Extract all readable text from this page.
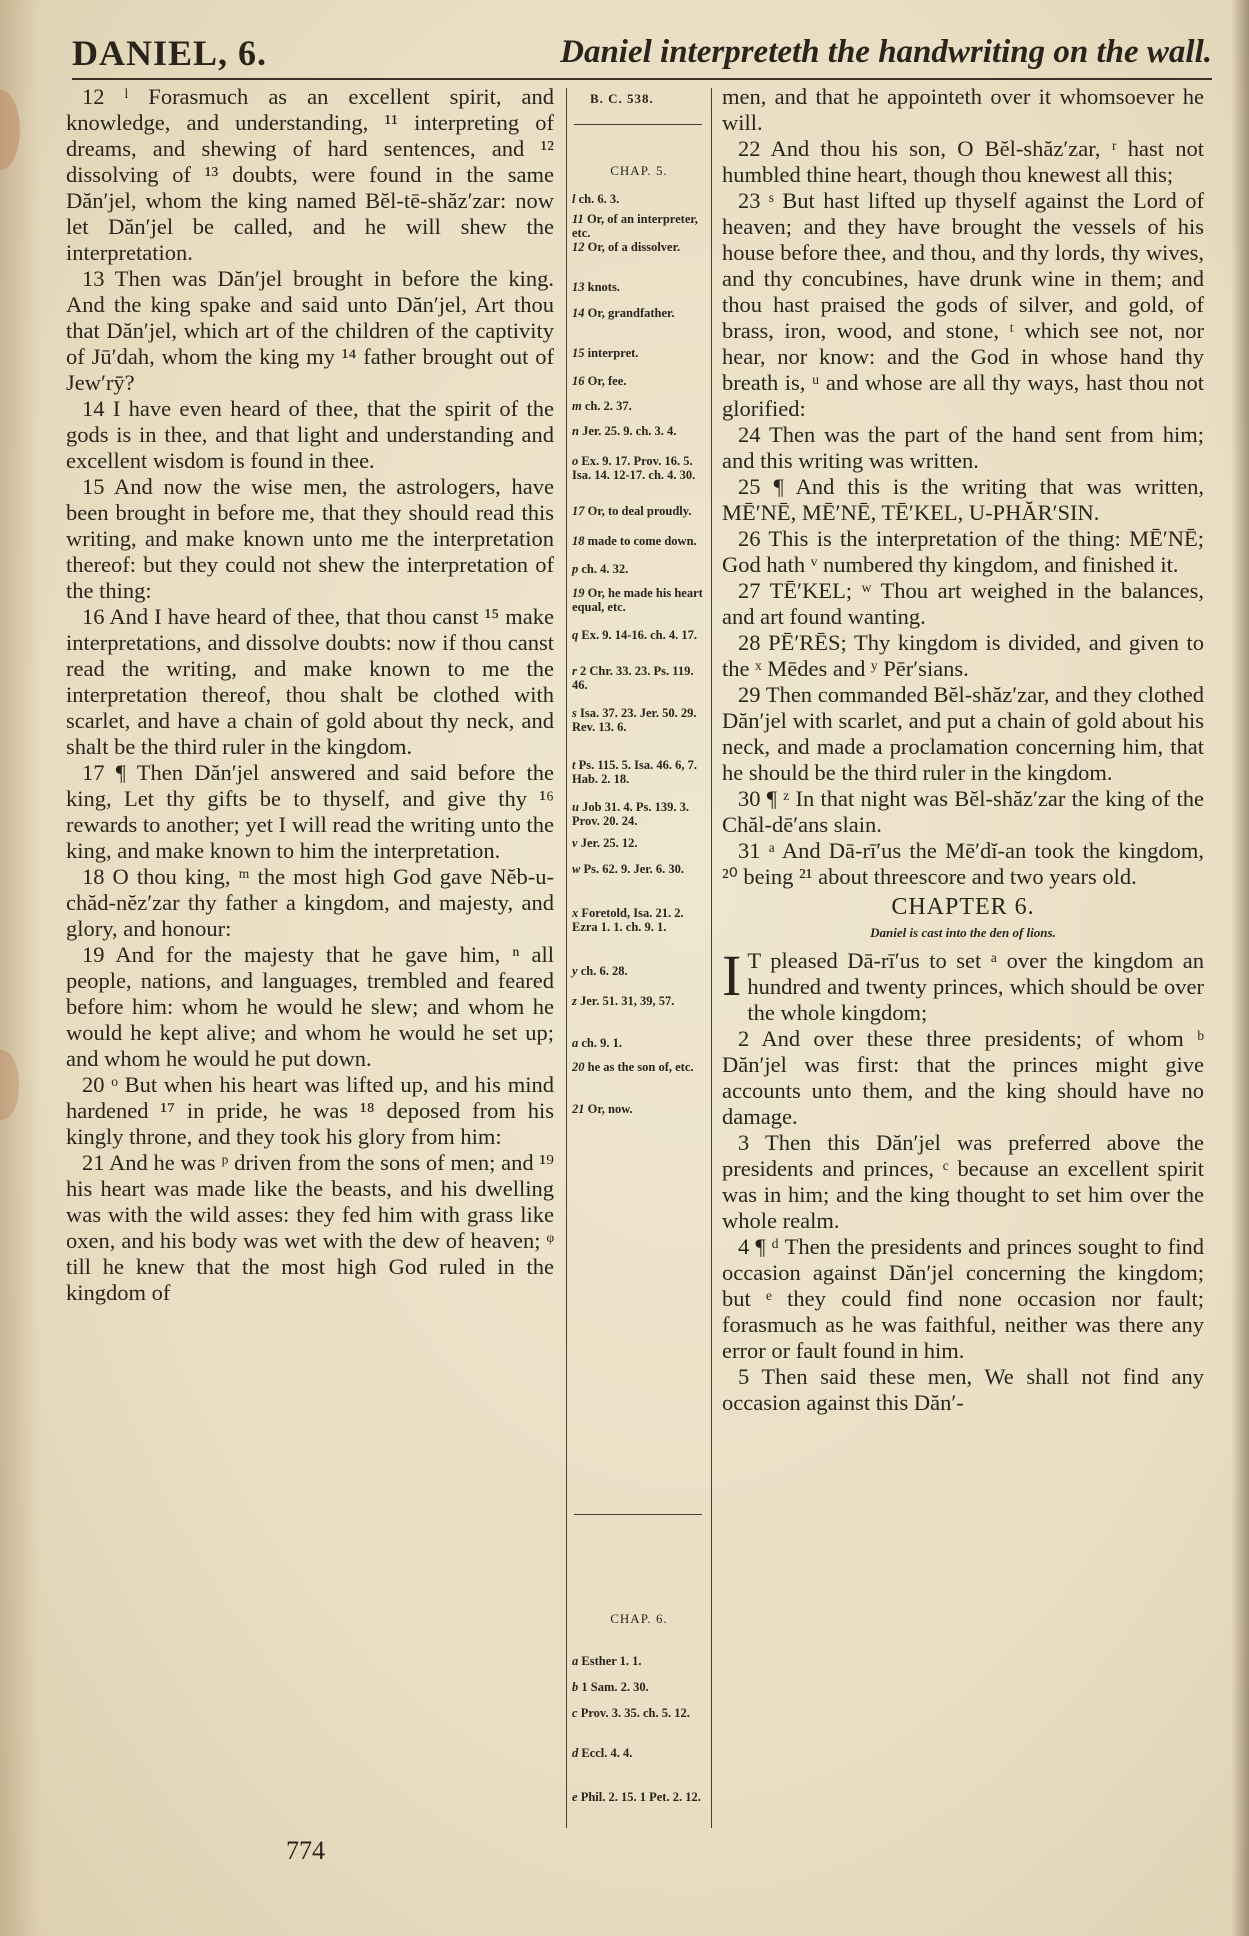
DANIEL, 6.	Daniel interpreteth the handwriting on the wall.

12 ˡ Forasmuch as an excellent spirit, and knowledge, and understanding, ¹¹ interpreting of dreams, and shewing of hard sentences, and ¹² dissolving of ¹³ doubts, were found in the same Dăn′jel, whom the king named Bĕl-tē-shăz′zar: now let Dăn′jel be called, and he will shew the interpretation.

13 Then was Dăn′jel brought in before the king. And the king spake and said unto Dăn′jel, Art thou that Dăn′jel, which art of the children of the captivity of Jū′dah, whom the king my ¹⁴ father brought out of Jew′rȳ?

14 I have even heard of thee, that the spirit of the gods is in thee, and that light and understanding and excellent wisdom is found in thee.

15 And now the wise men, the astrologers, have been brought in before me, that they should read this writing, and make known unto me the interpretation thereof: but they could not shew the interpretation of the thing:

16 And I have heard of thee, that thou canst ¹⁵ make interpretations, and dissolve doubts: now if thou canst read the writing, and make known to me the interpretation thereof, thou shalt be clothed with scarlet, and have a chain of gold about thy neck, and shalt be the third ruler in the kingdom.

17 ¶ Then Dăn′jel answered and said before the king, Let thy gifts be to thyself, and give thy ¹⁶ rewards to another; yet I will read the writing unto the king, and make known to him the interpretation.

18 O thou king, ᵐ the most high God gave Nĕb-u-chăd-nĕz′zar thy father a kingdom, and majesty, and glory, and honour:

19 And for the majesty that he gave him, ⁿ all people, nations, and languages, trembled and feared before him: whom he would he slew; and whom he would he kept alive; and whom he would he set up; and whom he would he put down.

20 ᵒ But when his heart was lifted up, and his mind hardened ¹⁷ in pride, he was ¹⁸ deposed from his kingly throne, and they took his glory from him:

21 And he was ᵖ driven from the sons of men; and ¹⁹ his heart was made like the beasts, and his dwelling was with the wild asses: they fed him with grass like oxen, and his body was wet with the dew of heaven; ᵠ till he knew that the most high God ruled in the kingdom of

B. C. 538.
CHAP. 5.
l ch. 6. 3.
11 Or, of an interpreter, etc.
12 Or, of a dissolver.
13 knots.
14 Or, grandfather.
15 interpret.
16 Or, fee.
m ch. 2. 37.
n Jer. 25. 9. ch. 3. 4.
o Ex. 9. 17. Prov. 16. 5. Isa. 14. 12-17. ch. 4. 30.
17 Or, to deal proudly.
18 made to come down.
p ch. 4. 32.
19 Or, he made his heart equal, etc.
q Ex. 9. 14-16. ch. 4. 17.
r 2 Chr. 33. 23. Ps. 119. 46.
s Isa. 37. 23. Jer. 50. 29. Rev. 13. 6.
t Ps. 115. 5. Isa. 46. 6, 7. Hab. 2. 18.
u Job 31. 4. Ps. 139. 3. Prov. 20. 24.
v Jer. 25. 12.
w Ps. 62. 9. Jer. 6. 30.
x Foretold, Isa. 21. 2. Ezra 1. 1. ch. 9. 1.
y ch. 6. 28.
z Jer. 51. 31, 39, 57.
a ch. 9. 1.
20 he as the son of, etc.
21 Or, now.
CHAP. 6.
a Esther 1. 1.
b 1 Sam. 2. 30.
c Prov. 3. 35. ch. 5. 12.
d Eccl. 4. 4.
e Phil. 2. 15. 1 Pet. 2. 12.

men, and that he appointeth over it whomsoever he will.

22 And thou his son, O Bĕl-shăz′zar, ʳ hast not humbled thine heart, though thou knewest all this;

23 ˢ But hast lifted up thyself against the Lord of heaven; and they have brought the vessels of his house before thee, and thou, and thy lords, thy wives, and thy concubines, have drunk wine in them; and thou hast praised the gods of silver, and gold, of brass, iron, wood, and stone, ᵗ which see not, nor hear, nor know: and the God in whose hand thy breath is, ᵘ and whose are all thy ways, hast thou not glorified:

24 Then was the part of the hand sent from him; and this writing was written.

25 ¶ And this is the writing that was written, MĒ′NĒ, MĒ′NĒ, TĒ′KEL, U-PHĂR′SIN.

26 This is the interpretation of the thing: MĒ′NĒ; God hath ᵛ numbered thy kingdom, and finished it.

27 TĒ′KEL; ʷ Thou art weighed in the balances, and art found wanting.

28 PĒ′RĒS; Thy kingdom is divided, and given to the ˣ Mēdes and ʸ Pēr′sians.

29 Then commanded Bĕl-shăz′zar, and they clothed Dăn′jel with scarlet, and put a chain of gold about his neck, and made a proclamation concerning him, that he should be the third ruler in the kingdom.

30 ¶ ᶻ In that night was Bĕl-shăz′zar the king of the Chăl-dē′ans slain.

31 ᵃ And Dā-rī′us the Mē′dĭ-an took the kingdom, ²⁰ being ²¹ about threescore and two years old.

CHAPTER 6.
Daniel is cast into the den of lions.

I T pleased Dā-rī′us to set ᵃ over the kingdom an hundred and twenty princes, which should be over the whole kingdom;

2 And over these three presidents; of whom ᵇ Dăn′jel was first: that the princes might give accounts unto them, and the king should have no damage.

3 Then this Dăn′jel was preferred above the presidents and princes, ᶜ because an excellent spirit was in him; and the king thought to set him over the whole realm.

4 ¶ ᵈ Then the presidents and princes sought to find occasion against Dăn′jel concerning the kingdom; but ᵉ they could find none occasion nor fault; forasmuch as he was faithful, neither was there any error or fault found in him.

5 Then said these men, We shall not find any occasion against this Dăn′-

774
